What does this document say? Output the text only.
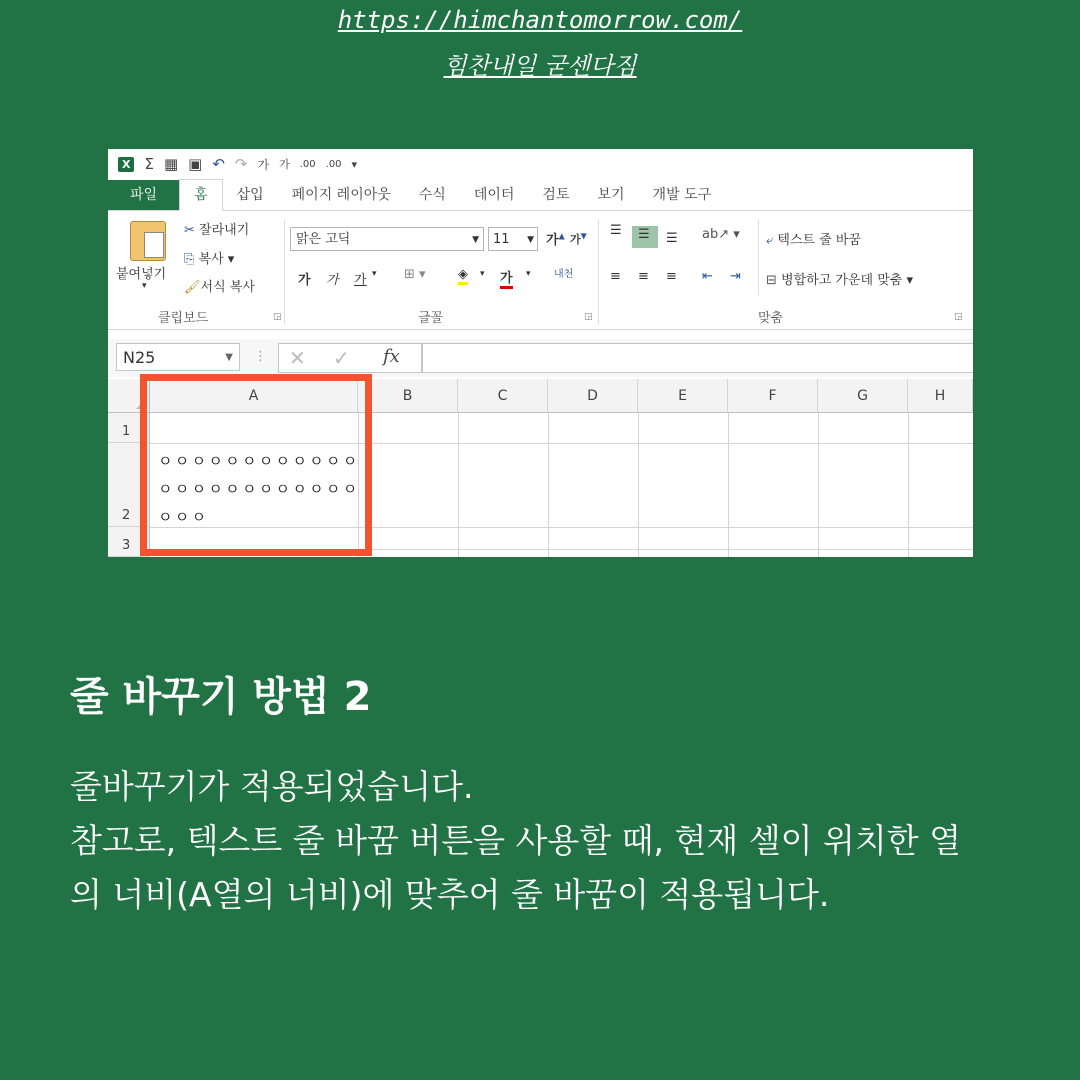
https://himchantomorrow.com/
힘찬내일 굳센다짐
X Σ ▦ ▣ ↶ ↷ 가 가 .00 .00 ▾
파일	홈	삽입	페이지 레이아웃	수식	데이터	검토	보기	개발 도구
붙여넣기
▾
✂ 잘라내기
⎘ 복사 ▾
🖌서식 복사
클립보드	◲
맑은 고딕	▼	11 ▼ 가▲ 가▼
가 가 가 ▾ ⊞ ▾ ◈ ▾ 가 ▾ 내천
글꼴	◲
☰ ☰ ☰ ab↗ ▾
≡ ≡ ≡ ⇤ ⇥
⤶ 텍스트 줄 바꿈
⊟ 병합하고 가운데 맞춤 ▾
맞춤	◲
N25	▼ ⋮ ✕ ✓ fx
A	B	C	D	E	F	G	H
1
2
3
ㅇㅇㅇㅇㅇㅇㅇㅇㅇㅇㅇㅇㅇㅇㅇㅇㅇㅇㅇㅇㅇㅇㅇㅇㅇㅇㅇ
줄 바꾸기 방법 2
줄바꾸기가 적용되었습니다.
참고로, 텍스트 줄 바꿈 버튼을 사용할 때, 현재 셀이 위치한 열의 너비(A열의 너비)에 맞추어 줄 바꿈이 적용됩니다.
